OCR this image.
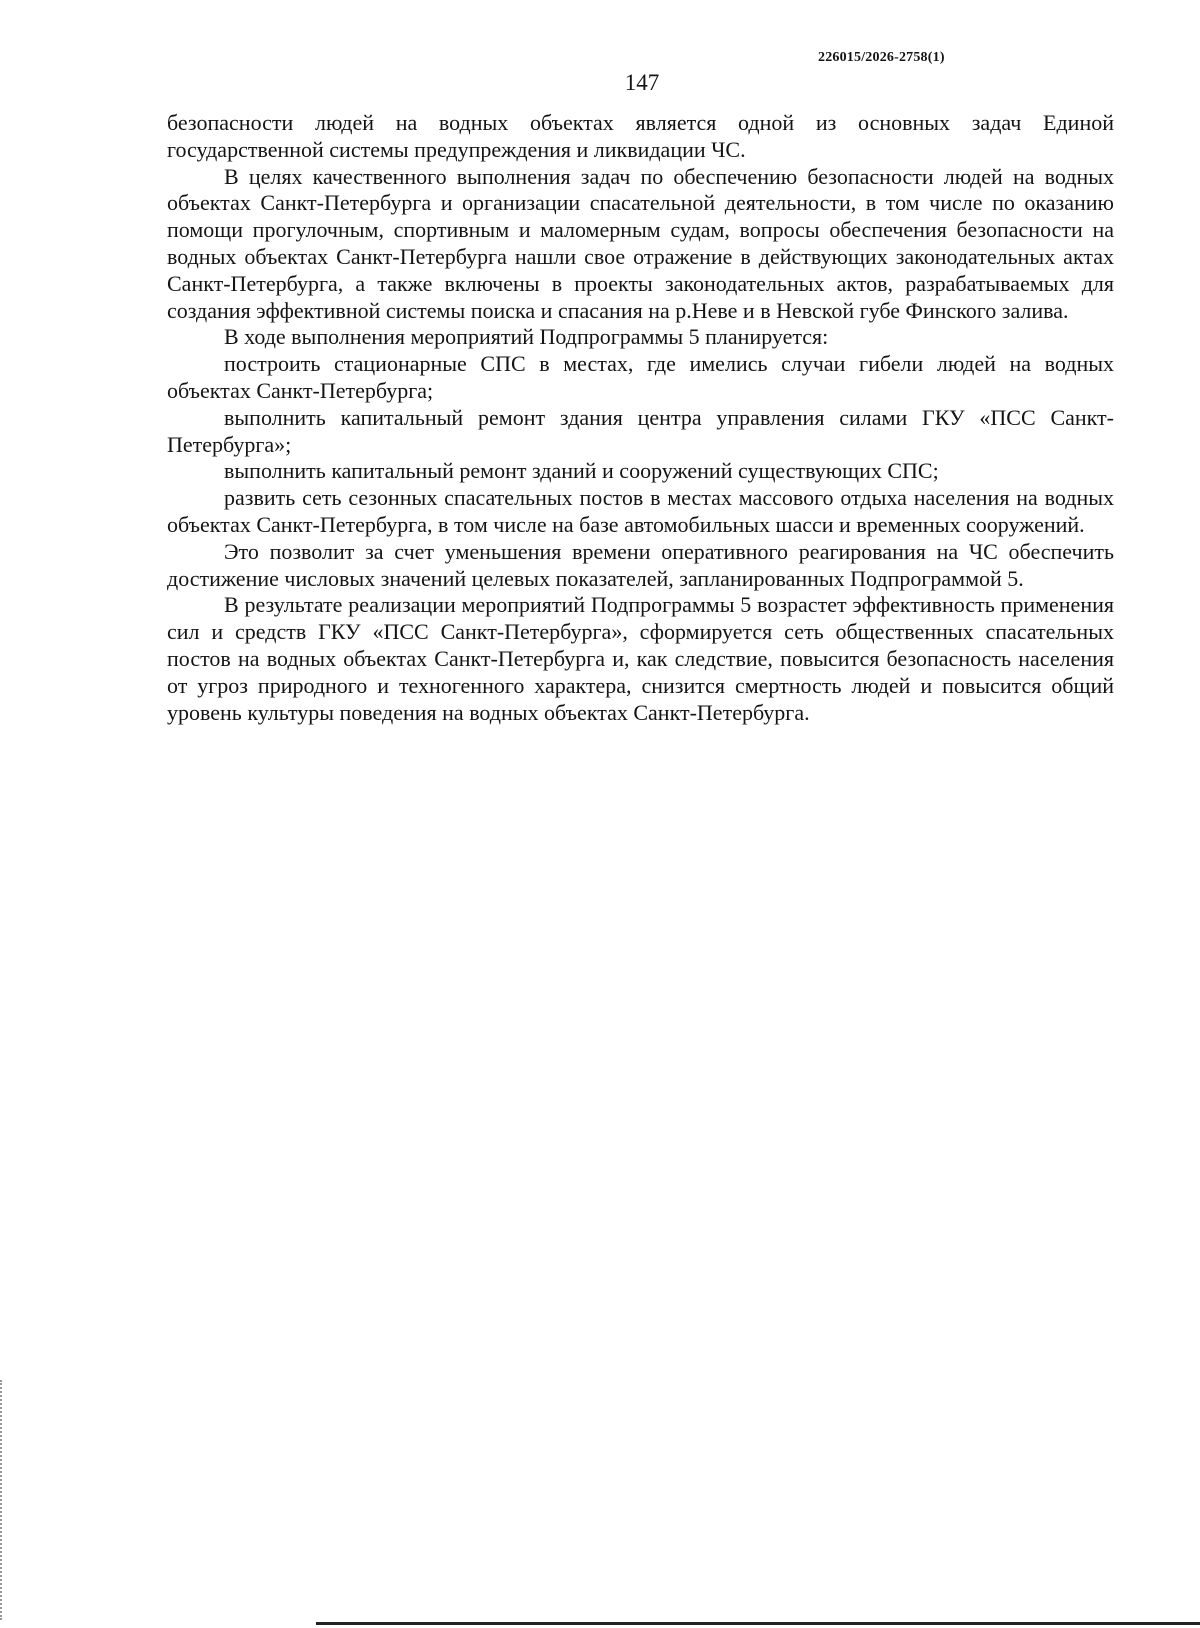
226015/2026-2758(1)
147

безопасности людей на водных объектах является одной из основных задач Единой государственной системы предупреждения и ликвидации ЧС.

В целях качественного выполнения задач по обеспечению безопасности людей на водных объектах Санкт-Петербурга и организации спасательной деятельности, в том числе по оказанию помощи прогулочным, спортивным и маломерным судам, вопросы обеспечения безопасности на водных объектах Санкт-Петербурга нашли свое отражение в действующих законодательных актах Санкт-Петербурга, а также включены в проекты законодательных актов, разрабатываемых для создания эффективной системы поиска и спасания на р.Неве и в Невской губе Финского залива.

В ходе выполнения мероприятий Подпрограммы 5 планируется:

построить стационарные СПС в местах, где имелись случаи гибели людей на водных объектах Санкт-Петербурга;

выполнить капитальный ремонт здания центра управления силами ГКУ «ПСС Санкт-Петербурга»;

выполнить капитальный ремонт зданий и сооружений существующих СПС;

развить сеть сезонных спасательных постов в местах массового отдыха населения на водных объектах Санкт-Петербурга, в том числе на базе автомобильных шасси и временных сооружений.

Это позволит за счет уменьшения времени оперативного реагирования на ЧС обеспечить достижение числовых значений целевых показателей, запланированных Подпрограммой 5.

В результате реализации мероприятий Подпрограммы 5 возрастет эффективность применения сил и средств ГКУ «ПСС Санкт-Петербурга», сформируется сеть общественных спасательных постов на водных объектах Санкт-Петербурга и, как следствие, повысится безопасность населения от угроз природного и техногенного характера, снизится смертность людей и повысится общий уровень культуры поведения на водных объектах Санкт-Петербурга.
